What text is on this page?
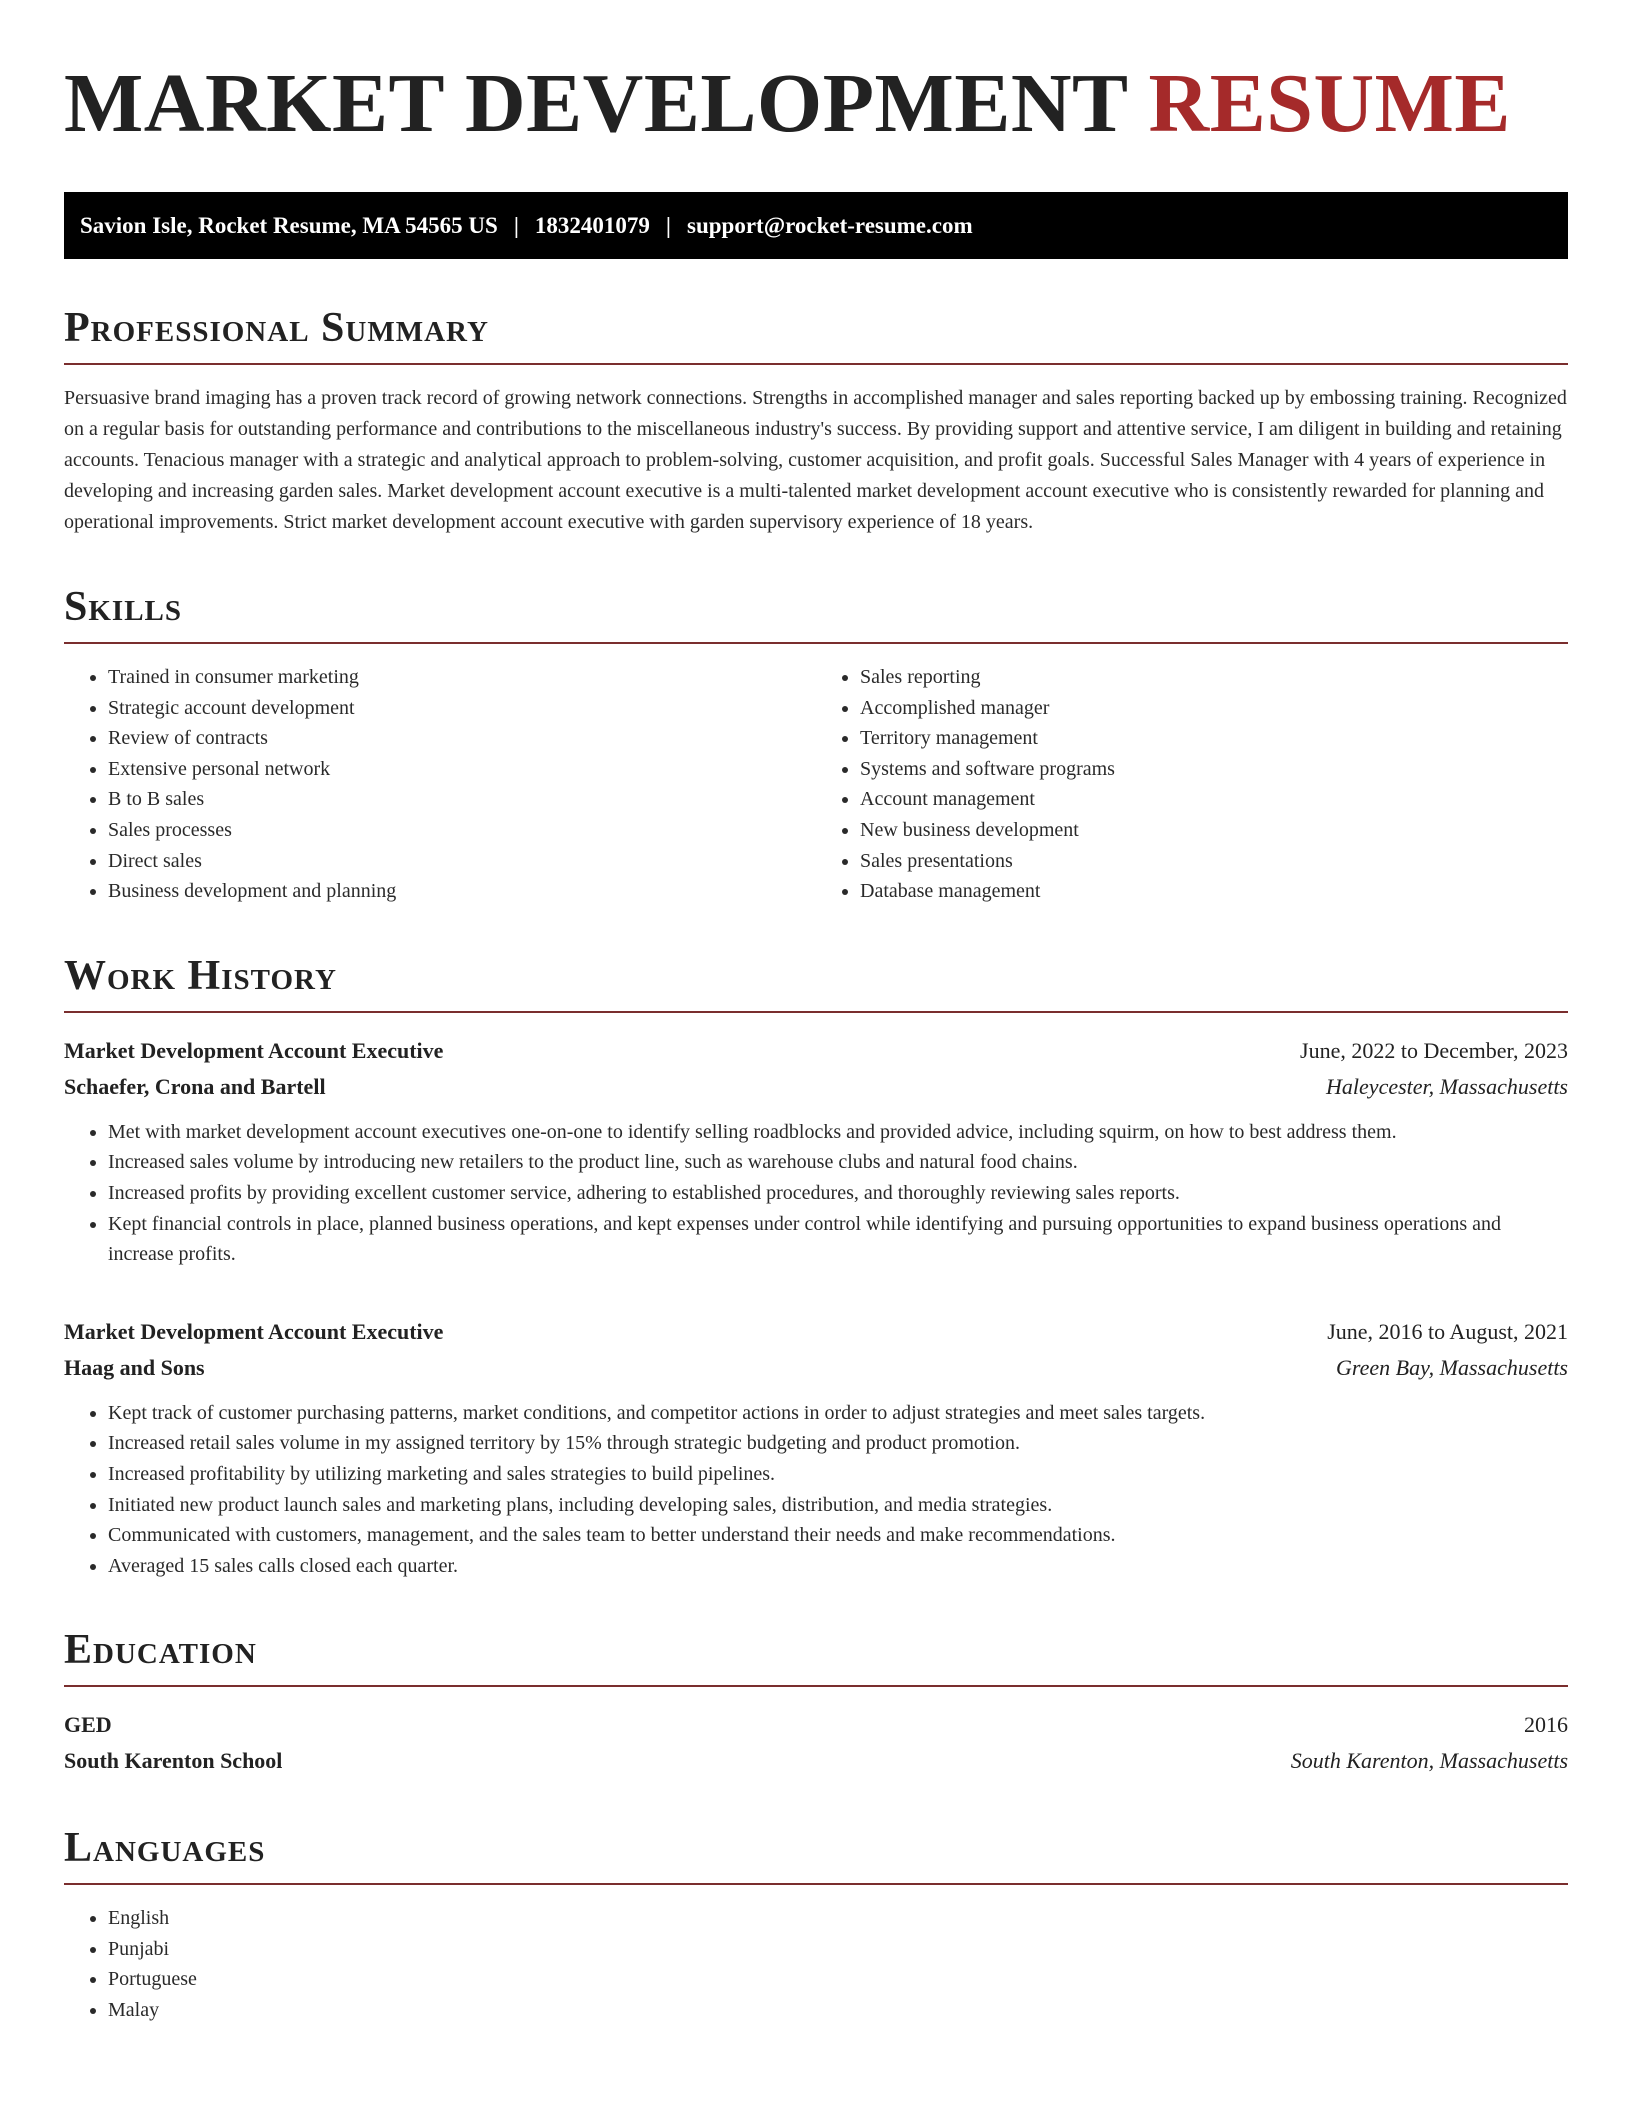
MARKET DEVELOPMENT RESUME
Savion Isle, Rocket Resume, MA 54565 US | 1832401079 | support@rocket-resume.com
Professional Summary

Persuasive brand imaging has a proven track record of growing network connections. Strengths in accomplished manager and sales reporting backed up by embossing training. Recognized on a regular basis for outstanding performance and contributions to the miscellaneous industry's success. By providing support and attentive service, I am diligent in building and retaining accounts. Tenacious manager with a strategic and analytical approach to problem-solving, customer acquisition, and profit goals. Successful Sales Manager with 4 years of experience in developing and increasing garden sales. Market development account executive is a multi-talented market development account executive who is consistently rewarded for planning and operational improvements. Strict market development account executive with garden supervisory experience of 18 years.

Skills
• Trained in consumer marketing
• Strategic account development
• Review of contracts
• Extensive personal network
• B to B sales
• Sales processes
• Direct sales
• Business development and planning
• Sales reporting
• Accomplished manager
• Territory management
• Systems and software programs
• Account management
• New business development
• Sales presentations
• Database management
Work History
Market Development Account Executive	June, 2022 to December, 2023
Schaefer, Crona and Bartell	Haleycester, Massachusetts
• Met with market development account executives one-on-one to identify selling roadblocks and provided advice, including squirm, on how to best address them.
• Increased sales volume by introducing new retailers to the product line, such as warehouse clubs and natural food chains.
• Increased profits by providing excellent customer service, adhering to established procedures, and thoroughly reviewing sales reports.
• Kept financial controls in place, planned business operations, and kept expenses under control while identifying and pursuing opportunities to expand business operations and increase profits.
Market Development Account Executive	June, 2016 to August, 2021
Haag and Sons	Green Bay, Massachusetts
• Kept track of customer purchasing patterns, market conditions, and competitor actions in order to adjust strategies and meet sales targets.
• Increased retail sales volume in my assigned territory by 15% through strategic budgeting and product promotion.
• Increased profitability by utilizing marketing and sales strategies to build pipelines.
• Initiated new product launch sales and marketing plans, including developing sales, distribution, and media strategies.
• Communicated with customers, management, and the sales team to better understand their needs and make recommendations.
• Averaged 15 sales calls closed each quarter.
Education
GED	2016
South Karenton School	South Karenton, Massachusetts
Languages
• English
• Punjabi
• Portuguese
• Malay
